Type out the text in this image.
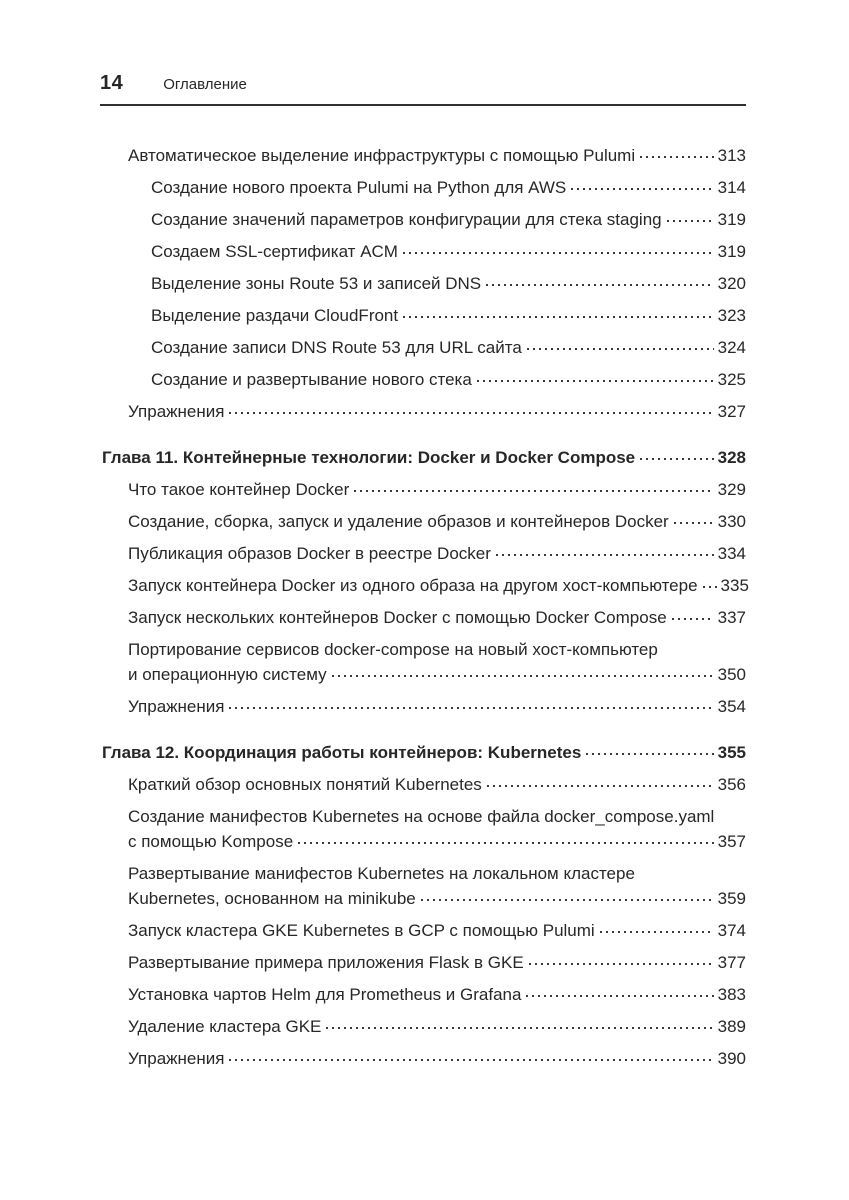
14	Оглавление
Автоматическое выделение инфраструктуры с помощью Pulumi	313
Создание нового проекта Pulumi на Python для AWS	314
Создание значений параметров конфигурации для стека staging	319
Создаем SSL-сертификат ACM	319
Выделение зоны Route 53 и записей DNS	320
Выделение раздачи CloudFront	323
Создание записи DNS Route 53 для URL сайта	324
Создание и развертывание нового стека	325
Упражнения	327
Глава 11. Контейнерные технологии: Docker и Docker Compose	328
Что такое контейнер Docker	329
Создание, сборка, запуск и удаление образов и контейнеров Docker	330
Публикация образов Docker в реестре Docker	334
Запуск контейнера Docker из одного образа на другом хост-компьютере 335
Запуск нескольких контейнеров Docker с помощью Docker Compose	337
Портирование сервисов docker-compose на новый хост-компьютер
и операционную систему	350
Упражнения	354
Глава 12. Координация работы контейнеров: Kubernetes	355
Краткий обзор основных понятий Kubernetes	356
Создание манифестов Kubernetes на основе файла docker_compose.yaml
с помощью Kompose	357
Развертывание манифестов Kubernetes на локальном кластере
Kubernetes, основанном на minikube	359
Запуск кластера GKE Kubernetes в GCP с помощью Pulumi	374
Развертывание примера приложения Flask в GKE	377
Установка чартов Helm для Prometheus и Grafana	383
Удаление кластера GKE	389
Упражнения	390
